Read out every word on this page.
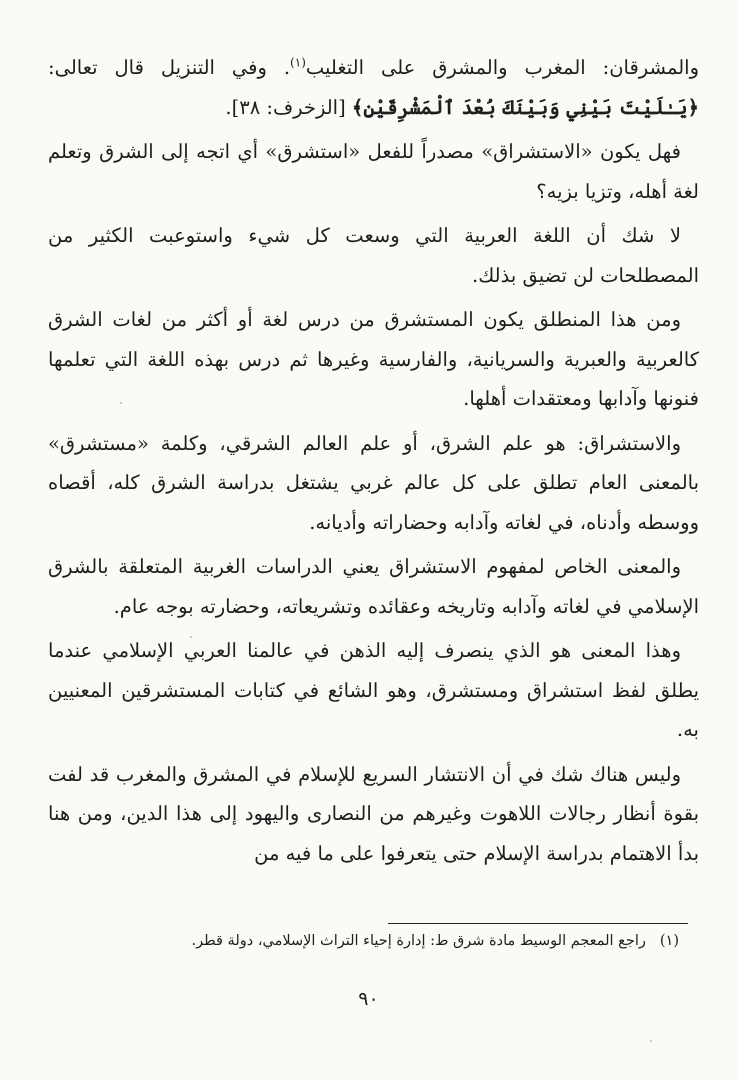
والمشرقان: المغرب والمشرق على التغليب$^{(١)}$. وفي التنزيل قال تعالى: ﴿يَـٰلَيْتَ بَيْنِي وَبَيْنَكَ بُعْدَ ٱلْمَشْرِقَيْنِ﴾ [الزخرف: ٣٨].

فهل يكون «الاستشراق» مصدراً للفعل «استشرق» أي اتجه إلى الشرق وتعلم لغة أهله، وتزيا بزيه؟

لا شك أن اللغة العربية التي وسعت كل شيء واستوعبت الكثير من المصطلحات لن تضيق بذلك.

ومن هذا المنطلق يكون المستشرق من درس لغة أو أكثر من لغات الشرق كالعربية والعبرية والسريانية، والفارسية وغيرها ثم درس بهذه اللغة التي تعلمها فنونها وآدابها ومعتقدات أهلها.

والاستشراق: هو علم الشرق، أو علم العالم الشرقي، وكلمة «مستشرق» بالمعنى العام تطلق على كل عالم غربي يشتغل بدراسة الشرق كله، أقصاه ووسطه وأدناه، في لغاته وآدابه وحضاراته وأديانه.

والمعنى الخاص لمفهوم الاستشراق يعني الدراسات الغربية المتعلقة بالشرق الإسلامي في لغاته وآدابه وتاريخه وعقائده وتشريعاته، وحضارته بوجه عام.

وهذا المعنى هو الذي ينصرف إليه الذهن في عالمنا العربي الإسلامي عندما يطلق لفظ استشراق ومستشرق، وهو الشائع في كتابات المستشرقين المعنيين به.

وليس هناك شك في أن الانتشار السريع للإسلام في المشرق والمغرب قد لفت بقوة أنظار رجالات اللاهوت وغيرهم من النصارى واليهود إلى هذا الدين، ومن هنا بدأ الاهتمام بدراسة الإسلام حتى يتعرفوا على ما فيه من

(١)راجع المعجم الوسيط مادة شرق ط: إدارة إحياء التراث الإسلامي، دولة قطر.
٩٠
